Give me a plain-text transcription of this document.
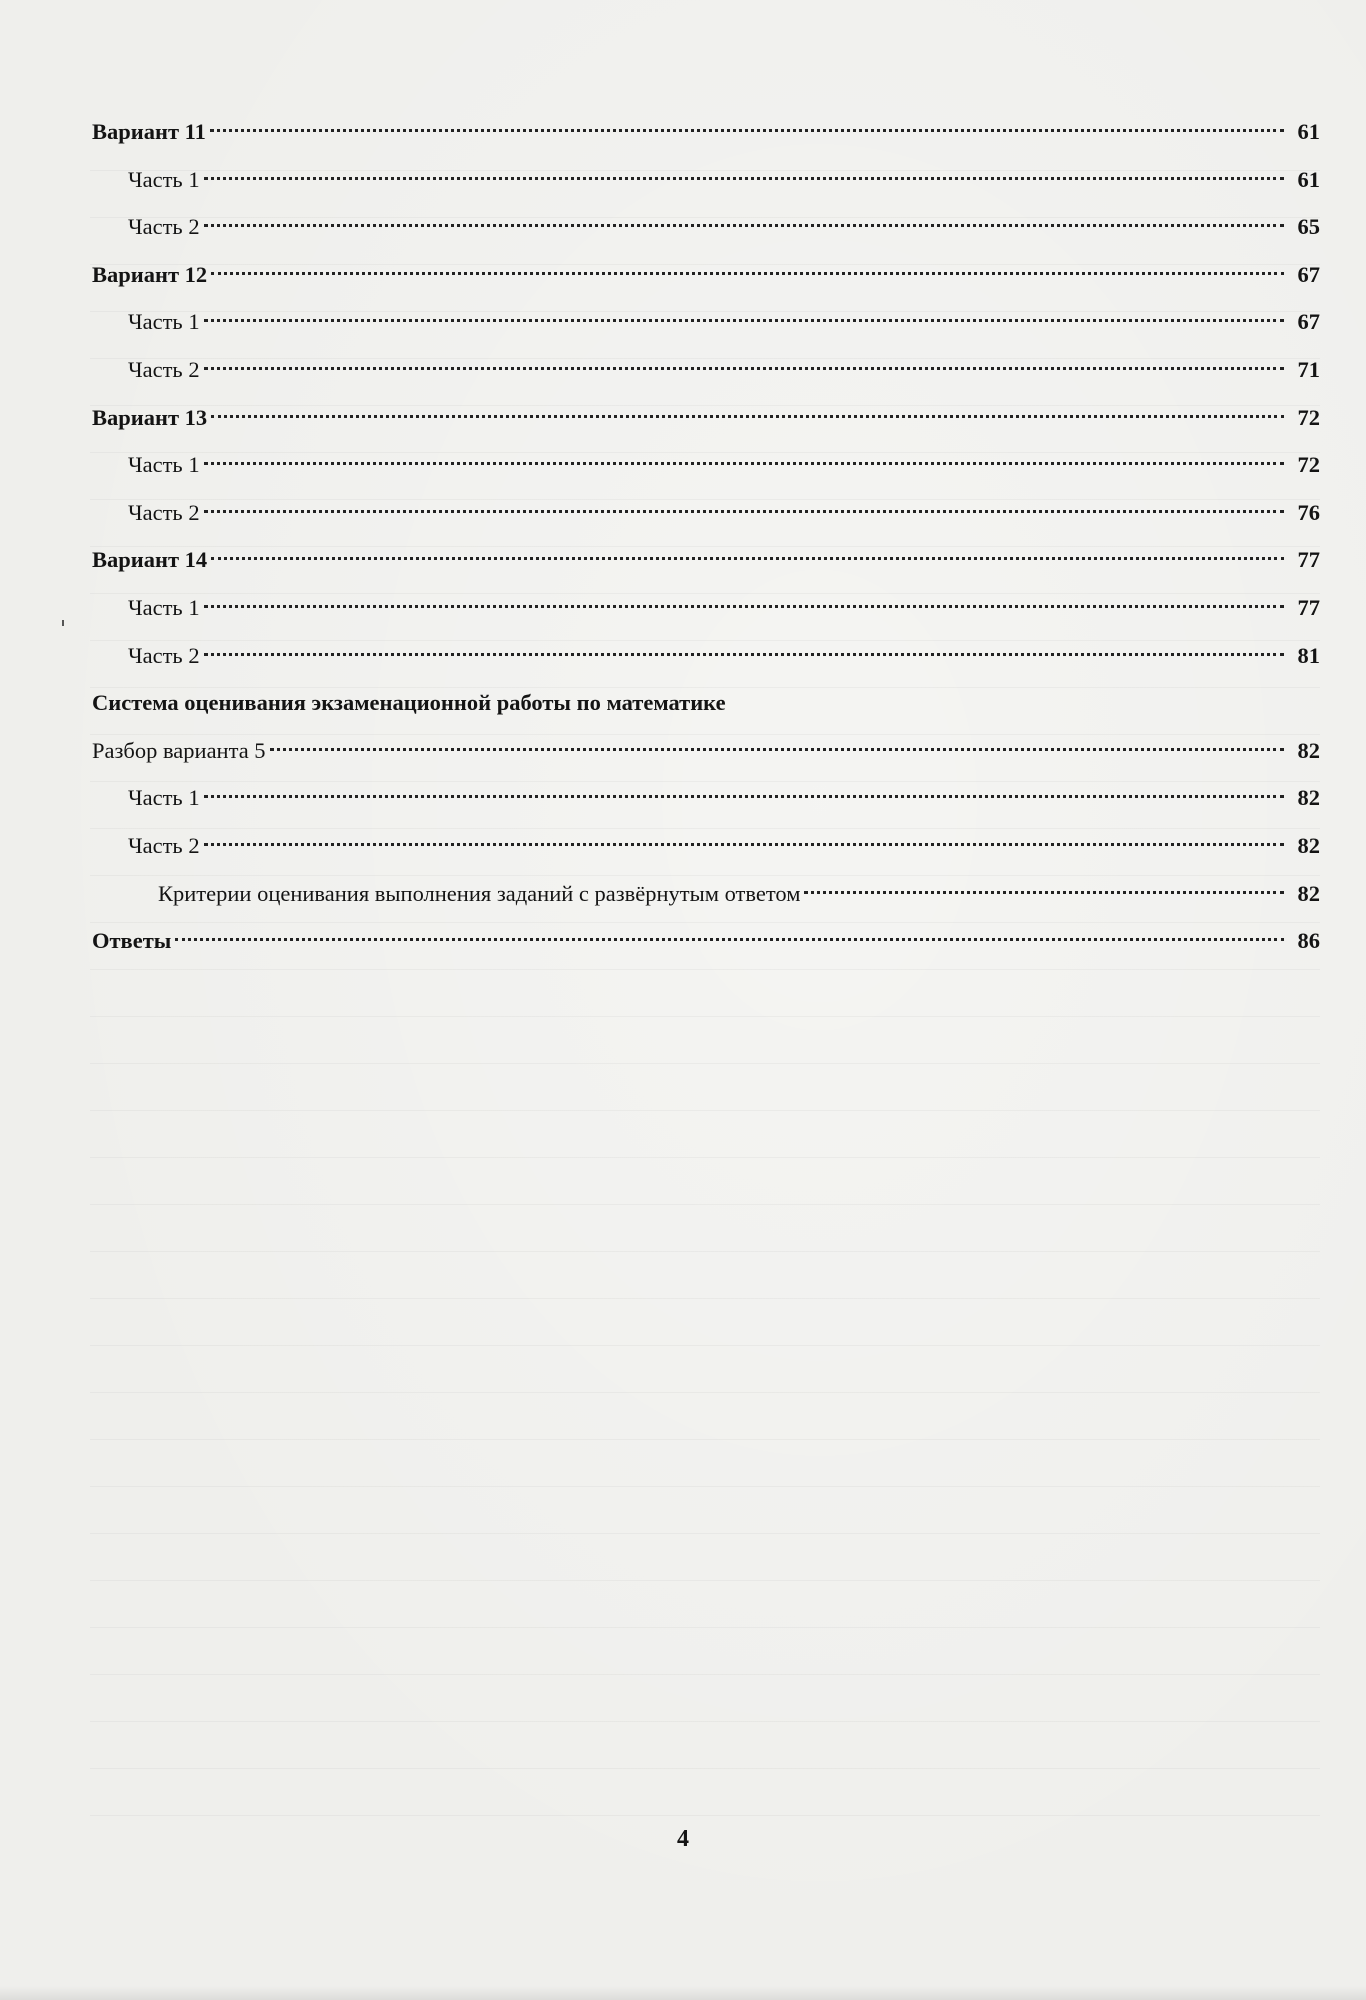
Вариант 11	61
Часть 1	61
Часть 2	65
Вариант 12	67
Часть 1	67
Часть 2	71
Вариант 13	72
Часть 1	72
Часть 2	76
Вариант 14	77
Часть 1	77
Часть 2	81
Система оценивания экзаменационной работы по математике
Разбор варианта 5	82
Часть 1	82
Часть 2	82
Критерии оценивания выполнения заданий с развёрнутым ответом	82
Ответы	86
4
